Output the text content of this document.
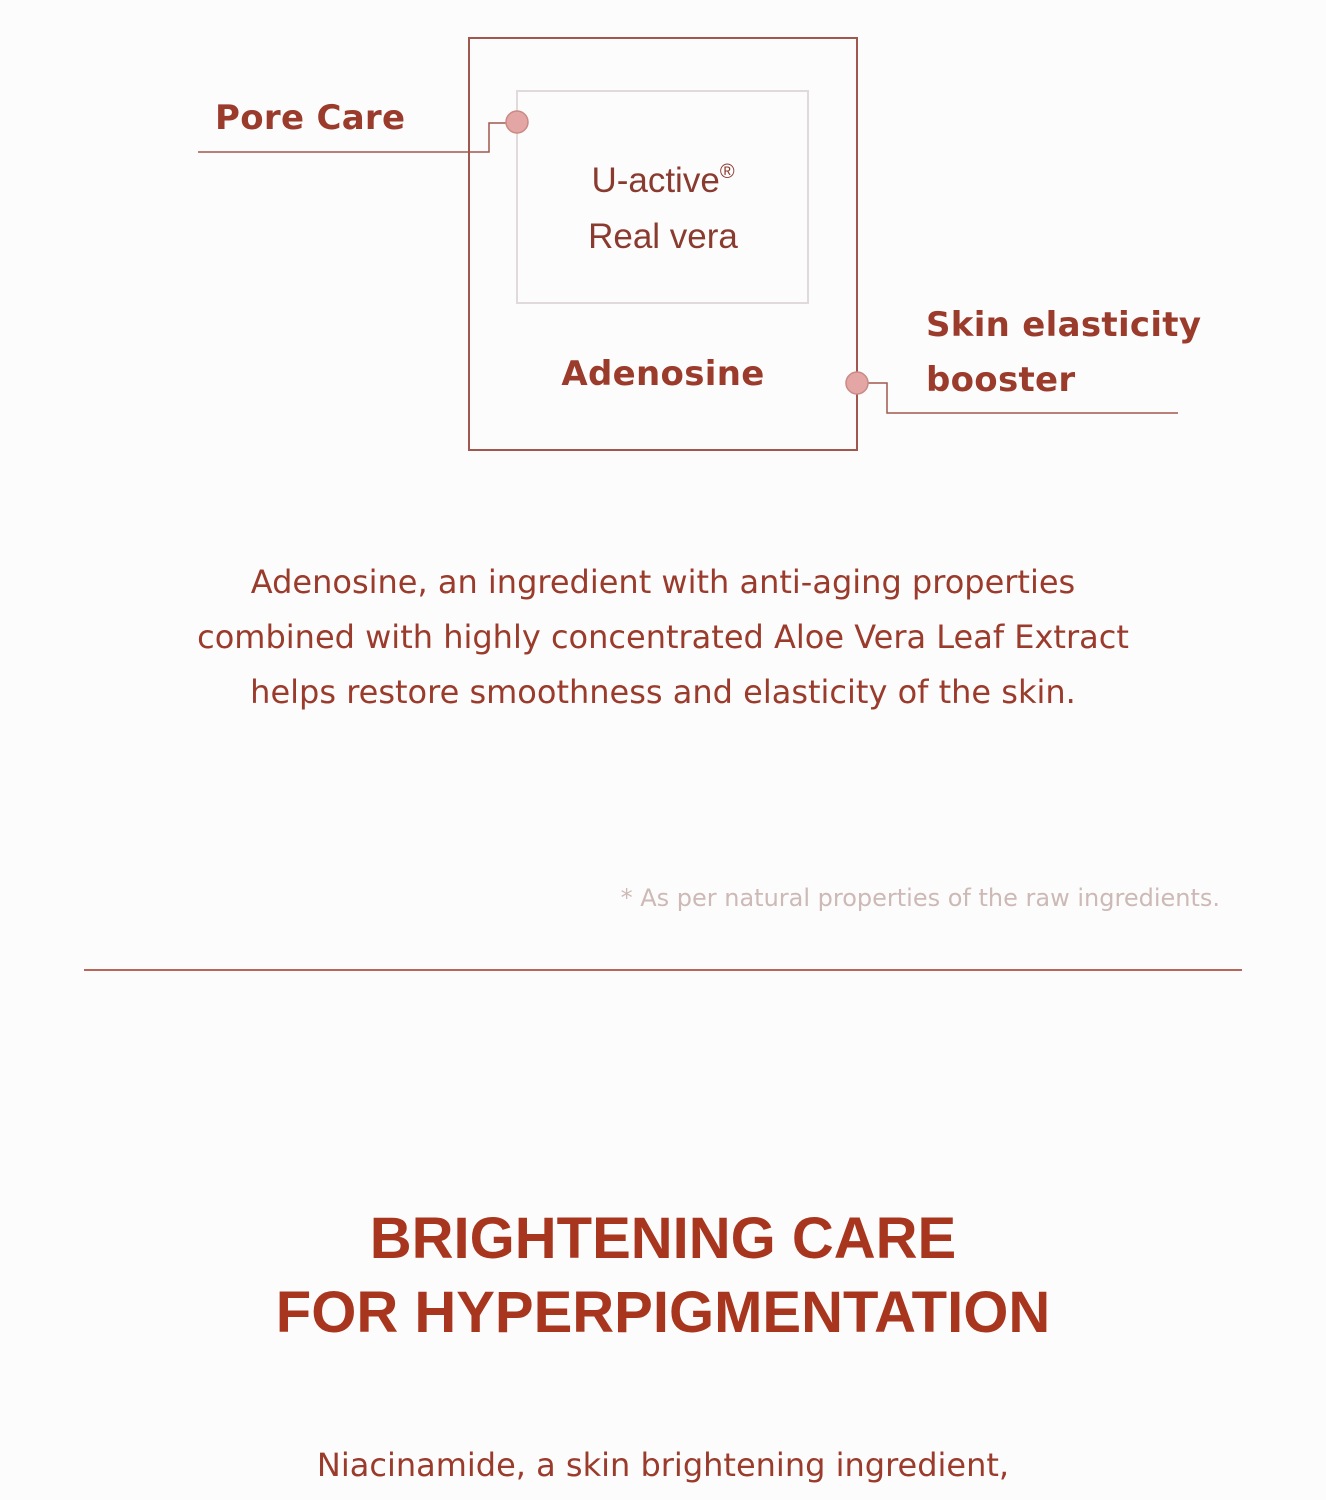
Pore Care
U-active®
Real vera
Adenosine
Skin elasticity
booster
Adenosine, an ingredient with anti-aging properties
combined with highly concentrated Aloe Vera Leaf Extract
helps restore smoothness and elasticity of the skin.
* As per natural properties of the raw ingredients.
BRIGHTENING CARE
FOR HYPERPIGMENTATION
Niacinamide, a skin brightening ingredient,
